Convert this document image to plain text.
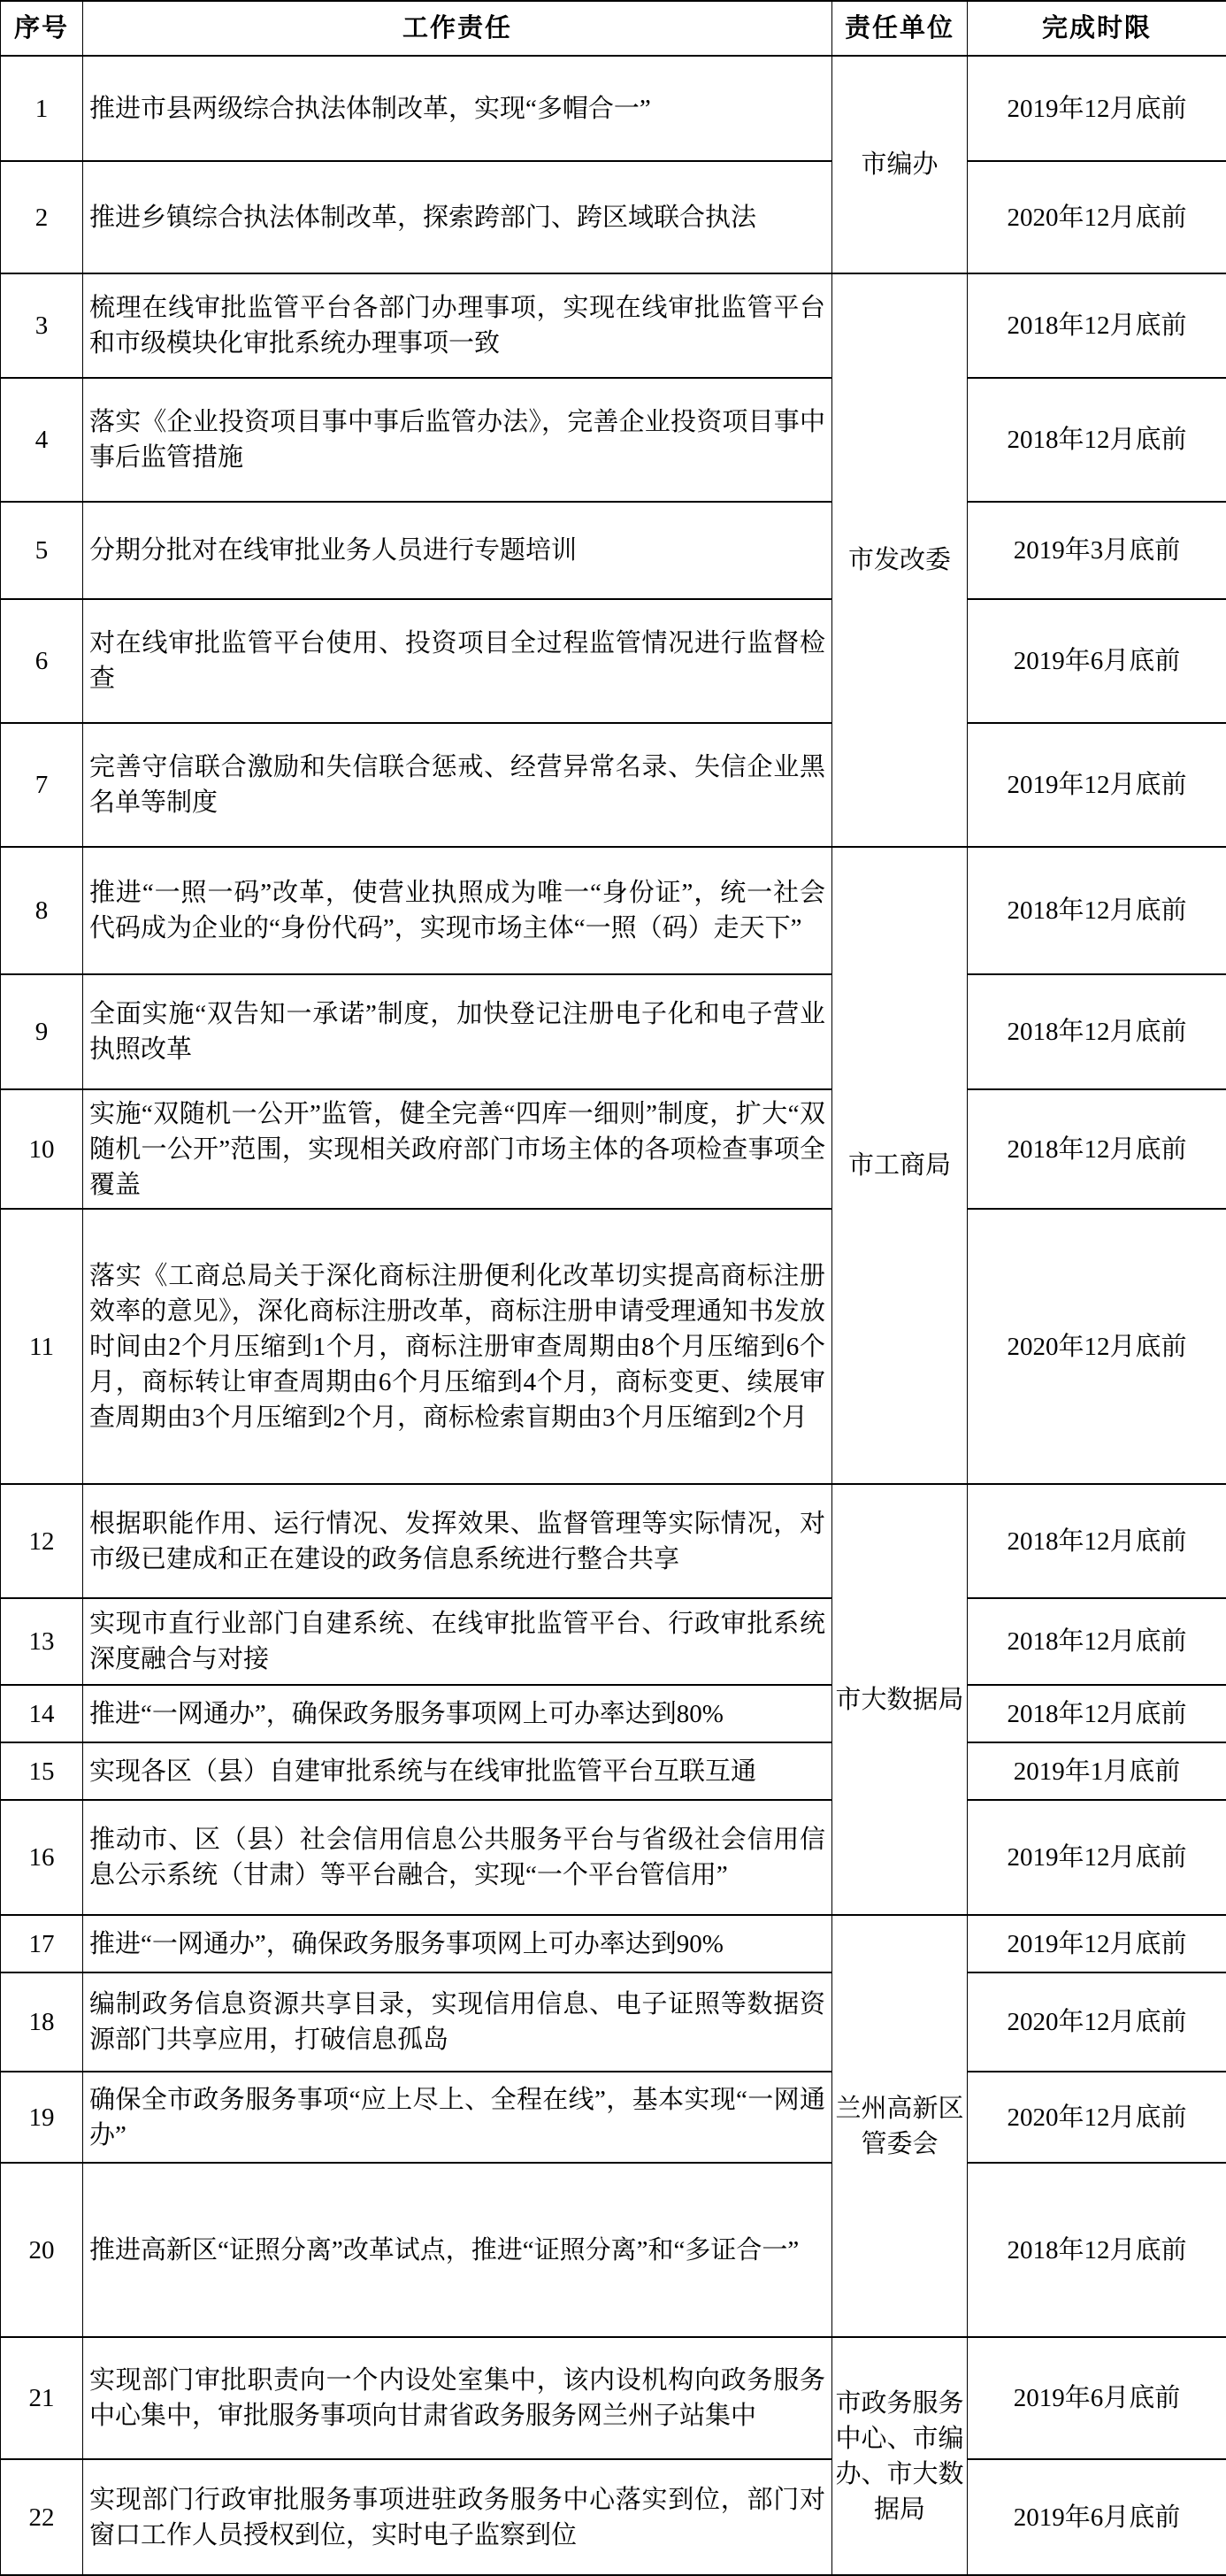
序号	工作责任	责任单位	完成时限
1	推进市县两级综合执法体制改革，实现“多帽合一”	市编办	2019年12月底前
2	推进乡镇综合执法体制改革，探索跨部门、跨区域联合执法		2020年12月底前
3	梳理在线审批监管平台各部门办理事项，实现在线审批监管平台和市级模块化审批系统办理事项一致	市发改委	2018年12月底前
4	落实《企业投资项目事中事后监管办法》，完善企业投资项目事中事后监管措施		2018年12月底前
5	分期分批对在线审批业务人员进行专题培训		2019年3月底前
6	对在线审批监管平台使用、投资项目全过程监管情况进行监督检查		2019年6月底前
7	完善守信联合激励和失信联合惩戒、经营异常名录、失信企业黑名单等制度		2019年12月底前
8	推进“一照一码”改革，使营业执照成为唯一“身份证”，统一社会代码成为企业的“身份代码”，实现市场主体“一照（码）走天下”	市工商局	2018年12月底前
9	全面实施“双告知一承诺”制度，加快登记注册电子化和电子营业执照改革		2018年12月底前
10	实施“双随机一公开”监管，健全完善“四库一细则”制度，扩大“双随机一公开”范围，实现相关政府部门市场主体的各项检查事项全覆盖		2018年12月底前
11	落实《工商总局关于深化商标注册便利化改革切实提高商标注册效率的意见》，深化商标注册改革，商标注册申请受理通知书发放时间由2个月压缩到1个月，商标注册审查周期由8个月压缩到6个月，商标转让审查周期由6个月压缩到4个月，商标变更、续展审查周期由3个月压缩到2个月，商标检索盲期由3个月压缩到2个月		2020年12月底前
12	根据职能作用、运行情况、发挥效果、监督管理等实际情况，对市级已建成和正在建设的政务信息系统进行整合共享	市大数据局	2018年12月底前
13	实现市直行业部门自建系统、在线审批监管平台、行政审批系统深度融合与对接		2018年12月底前
14	推进“一网通办”，确保政务服务事项网上可办率达到80%		2018年12月底前
15	实现各区（县）自建审批系统与在线审批监管平台互联互通		2019年1月底前
16	推动市、区（县）社会信用信息公共服务平台与省级社会信用信息公示系统（甘肃）等平台融合，实现“一个平台管信用”		2019年12月底前
17	推进“一网通办”，确保政务服务事项网上可办率达到90%	兰州高新区管委会	2019年12月底前
18	编制政务信息资源共享目录，实现信用信息、电子证照等数据资源部门共享应用，打破信息孤岛		2020年12月底前
19	确保全市政务服务事项“应上尽上、全程在线”，基本实现“一网通办”		2020年12月底前
20	推进高新区“证照分离”改革试点，推进“证照分离”和“多证合一”		2018年12月底前
21	实现部门审批职责向一个内设处室集中，该内设机构向政务服务中心集中，审批服务事项向甘肃省政务服务网兰州子站集中	市政务服务中心、市编办、市大数据局	2019年6月底前
22	实现部门行政审批服务事项进驻政务服务中心落实到位，部门对窗口工作人员授权到位，实时电子监察到位		2019年6月底前
